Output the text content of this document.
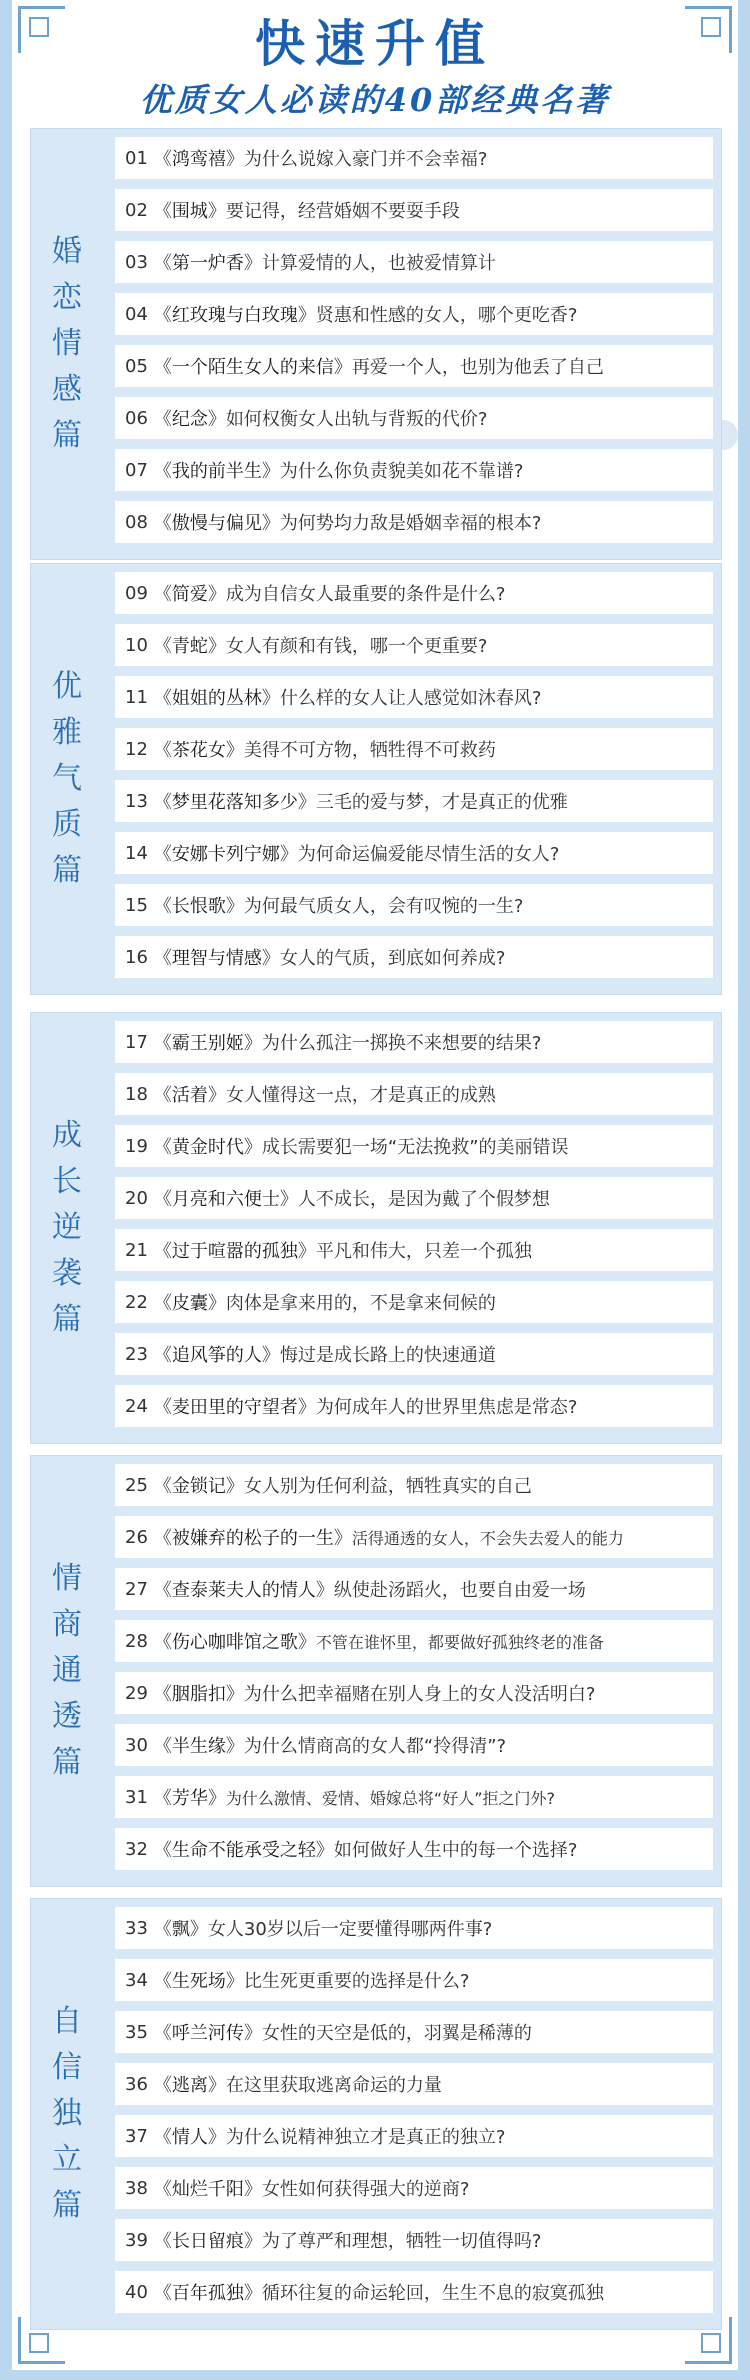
快速升值
优质女人必读的40部经典名著
婚
恋
情
感
篇
01 《鸿鸾禧》 为什么说嫁入豪门并不会幸福?
02 《围城》 要记得，经营婚姻不要耍手段
03 《第一炉香》 计算爱情的人，也被爱情算计
04 《红玫瑰与白玫瑰》 贤惠和性感的女人，哪个更吃香?
05 《一个陌生女人的来信》 再爱一个人，也别为他丢了自己
06 《纪念》 如何权衡女人出轨与背叛的代价?
07 《我的前半生》 为什么你负责貌美如花不靠谱?
08 《傲慢与偏见》 为何势均力敌是婚姻幸福的根本?
优
雅
气
质
篇
09 《简爱》 成为自信女人最重要的条件是什么?
10 《青蛇》 女人有颜和有钱，哪一个更重要?
11 《姐姐的丛林》 什么样的女人让人感觉如沐春风?
12 《茶花女》 美得不可方物，牺牲得不可救药
13 《梦里花落知多少》 三毛的爱与梦，才是真正的优雅
14 《安娜卡列宁娜》 为何命运偏爱能尽情生活的女人?
15 《长恨歌》 为何最气质女人，会有叹惋的一生?
16 《理智与情感》 女人的气质，到底如何养成?
成
长
逆
袭
篇
17 《霸王别姬》 为什么孤注一掷换不来想要的结果?
18 《活着》 女人懂得这一点，才是真正的成熟
19 《黄金时代》 成长需要犯一场“无法挽救”的美丽错误
20 《月亮和六便士》 人不成长，是因为戴了个假梦想
21 《过于喧嚣的孤独》 平凡和伟大，只差一个孤独
22 《皮囊》 肉体是拿来用的，不是拿来伺候的
23 《追风筝的人》 悔过是成长路上的快速通道
24 《麦田里的守望者》 为何成年人的世界里焦虑是常态?
情
商
通
透
篇
25 《金锁记》 女人别为任何利益，牺牲真实的自己
26 《被嫌弃的松子的一生》 活得通透的女人，不会失去爱人的能力
27 《查泰莱夫人的情人》 纵使赴汤蹈火，也要自由爱一场
28 《伤心咖啡馆之歌》 不管在谁怀里，都要做好孤独终老的准备
29 《胭脂扣》 为什么把幸福赌在别人身上的女人没活明白?
30 《半生缘》 为什么情商高的女人都“拎得清”?
31 《芳华》 为什么激情、爱情、婚嫁总将“好人”拒之门外?
32 《生命不能承受之轻》 如何做好人生中的每一个选择?
自
信
独
立
篇
33 《飘》 女人30岁以后一定要懂得哪两件事?
34 《生死场》 比生死更重要的选择是什么?
35 《呼兰河传》 女性的天空是低的，羽翼是稀薄的
36 《逃离》 在这里获取逃离命运的力量
37 《情人》 为什么说精神独立才是真正的独立?
38 《灿烂千阳》 女性如何获得强大的逆商?
39 《长日留痕》 为了尊严和理想，牺牲一切值得吗?
40 《百年孤独》 循环往复的命运轮回，生生不息的寂寞孤独
